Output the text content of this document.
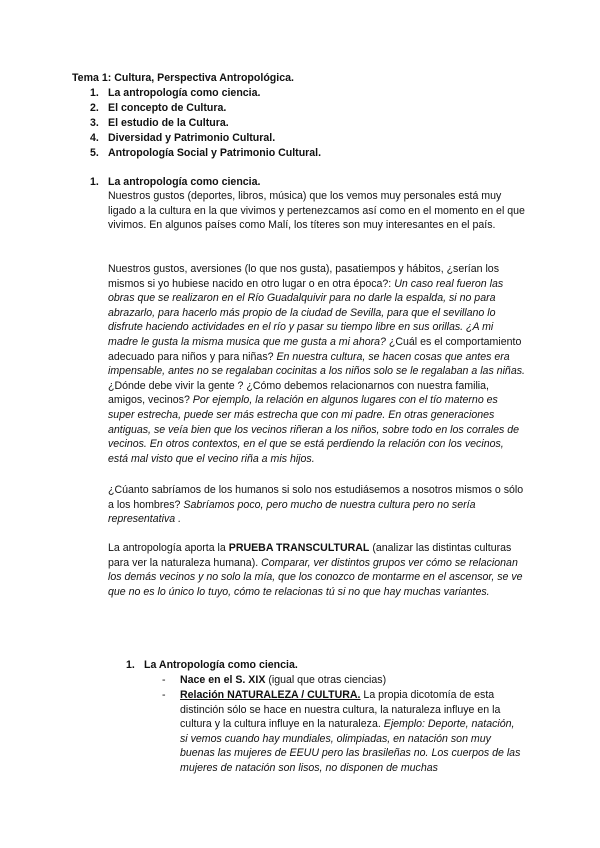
Tema 1: Cultura, Perspectiva Antropológica.
1. La antropología como ciencia.
2. El concepto de Cultura.
3. El estudio de la Cultura.
4. Diversidad y Patrimonio Cultural.
5. Antropología Social y Patrimonio Cultural.
1. La antropología como ciencia.
Nuestros gustos (deportes, libros, música) que los vemos muy personales está muy ligado a la cultura en la que vivimos y pertenezcamos así como en el momento en el que vivimos. En algunos países como Malí, los títeres son muy interesantes en el país.
Nuestros gustos, aversiones (lo que nos gusta), pasatiempos y hábitos, ¿serían los mismos si yo hubiese nacido en otro lugar o en otra época?: Un caso real fueron las obras que se realizaron en el Río Guadalquivir para no darle la espalda, si no para abrazarlo, para hacerlo más propio de la ciudad de Sevilla, para que el sevillano lo disfrute haciendo actividades en el río y pasar su tiempo libre en sus orillas. ¿A mi madre le gusta la misma musica que me gusta a mi ahora? ¿Cuál es el comportamiento adecuado para niños y para niñas? En nuestra cultura, se hacen cosas que antes era impensable, antes no se regalaban cocinitas a los niños solo se le regalaban a las niñas. ¿Dónde debe vivir la gente ? ¿Cómo debemos relacionarnos con nuestra familia, amigos, vecinos? Por ejemplo, la relación en algunos lugares con el tío materno es super estrecha, puede ser más estrecha que con mi padre. En otras generaciones antiguas, se veía bien que los vecinos riñeran a los niños, sobre todo en los corrales de vecinos. En otros contextos, en el que se está perdiendo la relación con los vecinos, está mal visto que el vecino riña a mis hijos.
¿Cúanto sabríamos de los humanos si solo nos estudiásemos a nosotros mismos o sólo a los hombres? Sabríamos poco, pero mucho de nuestra cultura pero no sería representativa .
La antropología aporta la PRUEBA TRANSCULTURAL (analizar las distintas culturas para ver la naturaleza humana). Comparar, ver distintos grupos ver cómo se relacionan los demás vecinos y no solo la mía, que los conozco de montarme en el ascensor, se ve que no es lo único lo tuyo, cómo te relacionas tú si no que hay muchas variantes.
1. La Antropología como ciencia.
- Nace en el S. XIX (igual que otras ciencias)
- Relación NATURALEZA / CULTURA. La propia dicotomía de esta distinción sólo se hace en nuestra cultura, la naturaleza influye en la cultura y la cultura influye en la naturaleza. Ejemplo: Deporte, natación, si vemos cuando hay mundiales, olimpiadas, en natación son muy buenas las mujeres de EEUU pero las brasileñas no. Los cuerpos de las mujeres de natación son lisos, no disponen de muchas
